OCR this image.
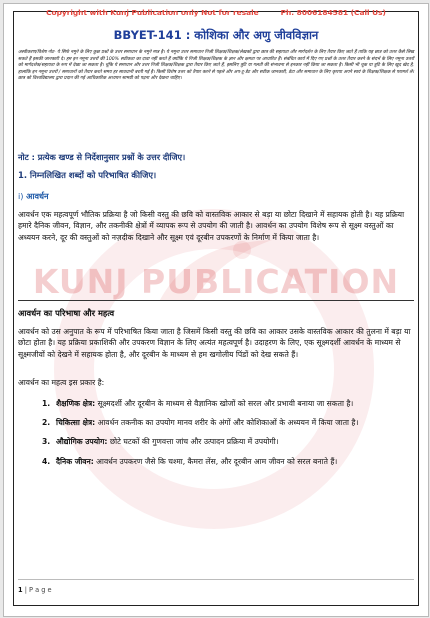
KUNJ PUBLICATION
Copyright with Kunj Publication only Not for resale	Ph. 8006184581 (Call Us)
BBYET-141 : कोशिका और अणु जीवविज्ञान
अस्वीकरण/विशेष नोट- ये सिर्फ नमूने के लिए कुछ प्रश्नों के उत्तर समाधान के नमूने मात्र है। ये नमूना उत्तर समाधान निजी शिक्षक/शिक्षक/लेखकों द्वारा छात्र की सहायता और मार्गदर्शन के लिए तैयार किए जाते हैं ताकि यह छात्र को उत्तर कैसे लिख सकते हैं इसकी जानकारी दे। हम इन नमूना उत्तरों की 100% सटीकता का दावा नहीं करते हैं क्योंकि ये निजी शिक्षक/शिक्षक के ज्ञान और क्षमता पर आधारित हैं। संबंधित कार्य में दिए गए प्रश्नों के उत्तर तैयार करने के संदर्भ के लिए नमूना उत्तरों को मार्गदर्शक/सहायता के रूप में देखा जा सकता है। चूंकि ये समाधान और उत्तर निजी शिक्षक/शिक्षक द्वारा तैयार किए जाते हैं, इसलिए त्रुटि या गलती की संभावना से इनकार नहीं किया जा सकता है। किसी भी चूक या त्रुटि के लिए खुद खेद है, हालांकि इन नमूना उत्तरों / समाधानों को तैयार करते समय हर सावधानी बरती गई है। किसी विशेष उत्तर को तैयार करने से पहले और अप-टू-डेट और सटीक जानकारी, डेटा और समाधान के लिए कृपया अपने स्वयं के शिक्षक/शिक्षक से परामर्श लें। छात्र को विश्वविद्यालय द्वारा प्रदान की गई आधिकारिक अध्ययन सामग्री को पढ़ना और देखना चाहिए।
नोट : प्रत्येक खण्ड से निर्देशानुसार प्रश्नों के उत्तर दीजिए।
1. निम्नलिखित शब्दों को परिभाषित कीजिए।
i) आवर्धन
आवर्धन एक महत्वपूर्ण भौतिक प्रक्रिया है जो किसी वस्तु की छवि को वास्तविक आकार से बड़ा या छोटा दिखाने में सहायक होती है। यह प्रक्रिया हमारे दैनिक जीवन, विज्ञान, और तकनीकी क्षेत्रों में व्यापक रूप से उपयोग की जाती है। आवर्धन का उपयोग विशेष रूप से सूक्ष्म वस्तुओं का अध्ययन करने, दूर की वस्तुओं को नज़दीक दिखाने और सूक्ष्म एवं दूरबीन उपकरणों के निर्माण में किया जाता है।
आवर्धन का परिभाषा और महत्व
आवर्धन को उस अनुपात के रूप में परिभाषित किया जाता है जिसमें किसी वस्तु की छवि का आकार उसके वास्तविक आकार की तुलना में बड़ा या छोटा होता है। यह प्रक्रिया प्रकाशिकी और उपकरण विज्ञान के लिए अत्यंत महत्वपूर्ण है। उदाहरण के लिए, एक सूक्ष्मदर्शी आवर्धन के माध्यम से सूक्ष्मजीवों को देखने में सहायक होता है, और दूरबीन के माध्यम से हम खगोलीय पिंडों को देख सकते हैं।
आवर्धन का महत्व इस प्रकार है:
1. शैक्षणिक क्षेत्र: सूक्ष्मदर्शी और दूरबीन के माध्यम से वैज्ञानिक खोजों को सरल और प्रभावी बनाया जा सकता है।
2. चिकित्सा क्षेत्र: आवर्धन तकनीक का उपयोग मानव शरीर के अंगों और कोशिकाओं के अध्ययन में किया जाता है।
3. औद्योगिक उपयोग: छोटे घटकों की गुणवत्ता जांच और उत्पादन प्रक्रिया में उपयोगी।
4. दैनिक जीवन: आवर्धन उपकरण जैसे कि चश्मा, कैमरा लेंस, और दूरबीन आम जीवन को सरल बनाते हैं।
1 | P a g e
